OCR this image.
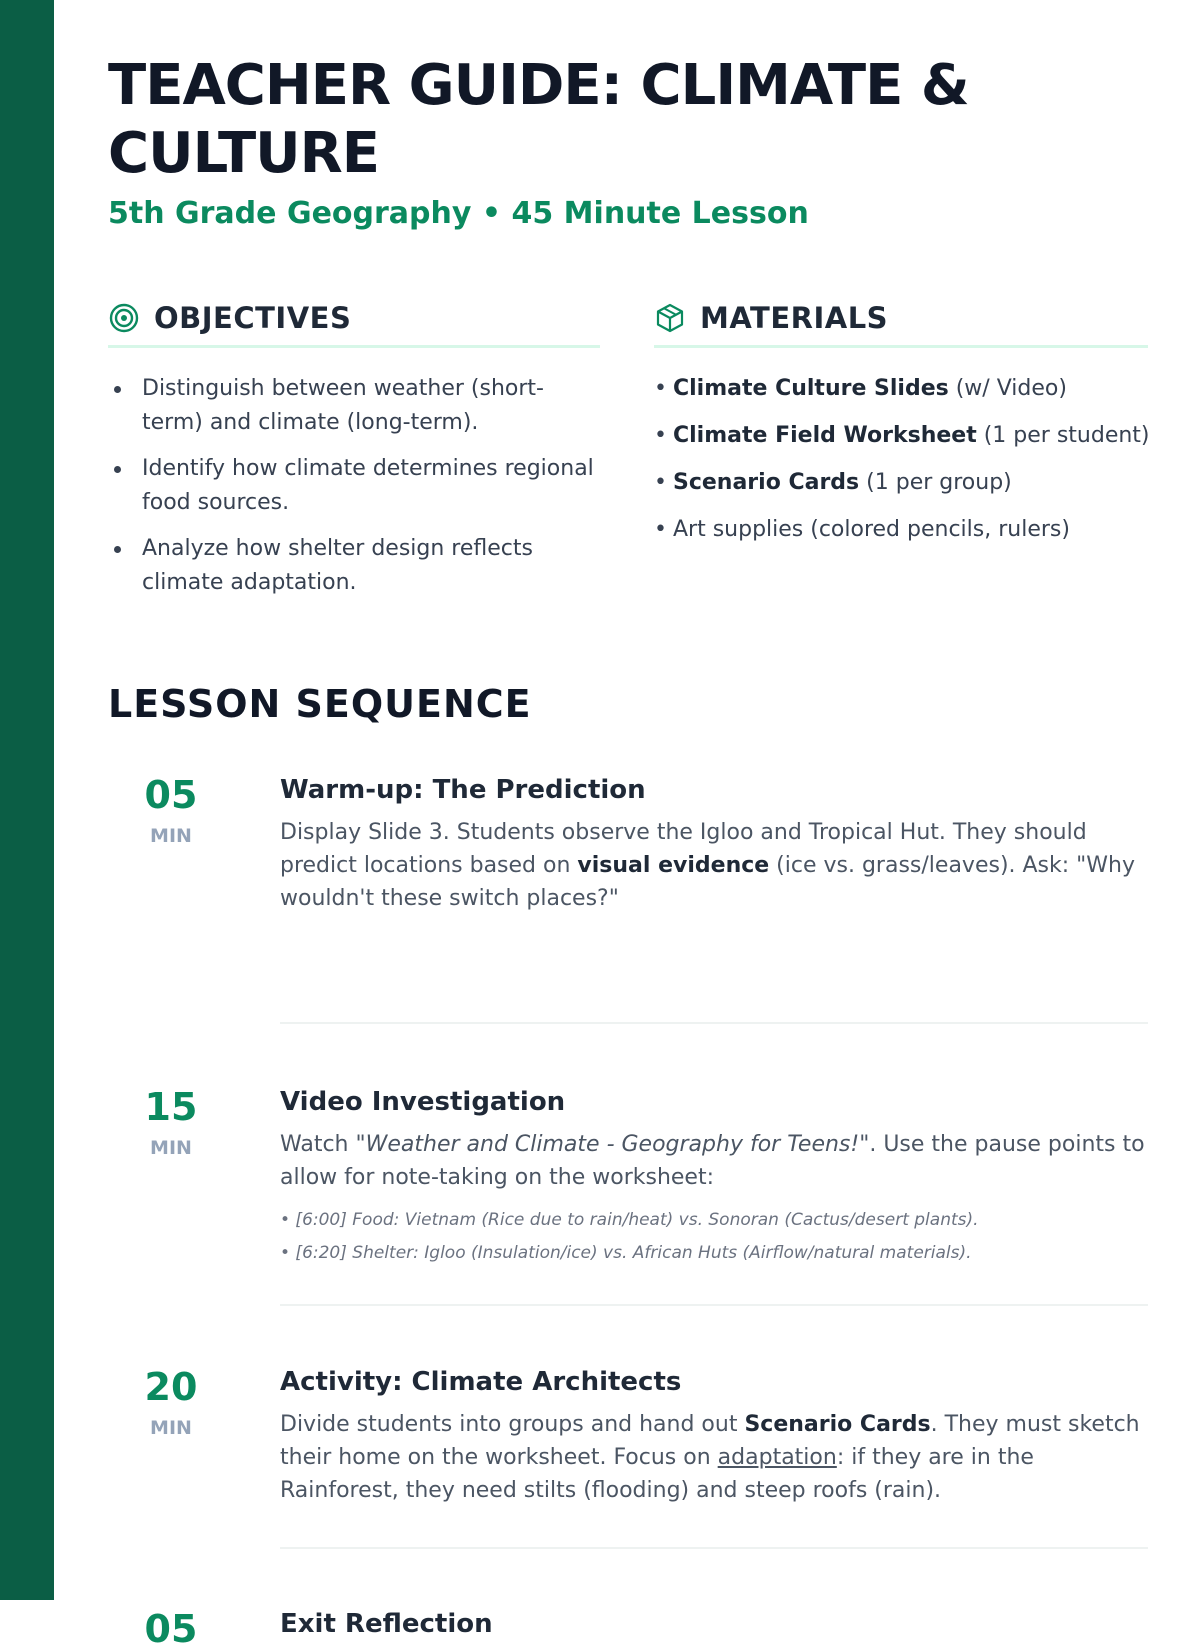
TEACHER GUIDE: CLIMATE & CULTURE
5th Grade Geography • 45 Minute Lesson
OBJECTIVES
Distinguish between weather (short-term) and climate (long-term).
Identify how climate determines regional food sources.
Analyze how shelter design reflects climate adaptation.
MATERIALS
• Climate Culture Slides (w/ Video)
• Climate Field Worksheet (1 per student)
• Scenario Cards (1 per group)
• Art supplies (colored pencils, rulers)
LESSON SEQUENCE
05
MIN
Warm-up: The Prediction

Display Slide 3. Students observe the Igloo and Tropical Hut. They should predict locations based on visual evidence (ice vs. grass/leaves). Ask: "Why wouldn't these switch places?"

15
MIN
Video Investigation

Watch "Weather and Climate - Geography for Teens!". Use the pause points to allow for note-taking on the worksheet:

• [6:00] Food: Vietnam (Rice due to rain/heat) vs. Sonoran (Cactus/desert plants).
• [6:20] Shelter: Igloo (Insulation/ice) vs. African Huts (Airflow/natural materials).
20
MIN
Activity: Climate Architects

Divide students into groups and hand out Scenario Cards. They must sketch their home on the worksheet. Focus on adaptation: if they are in the Rainforest, they need stilts (flooding) and steep roofs (rain).

05	Exit Reflection
